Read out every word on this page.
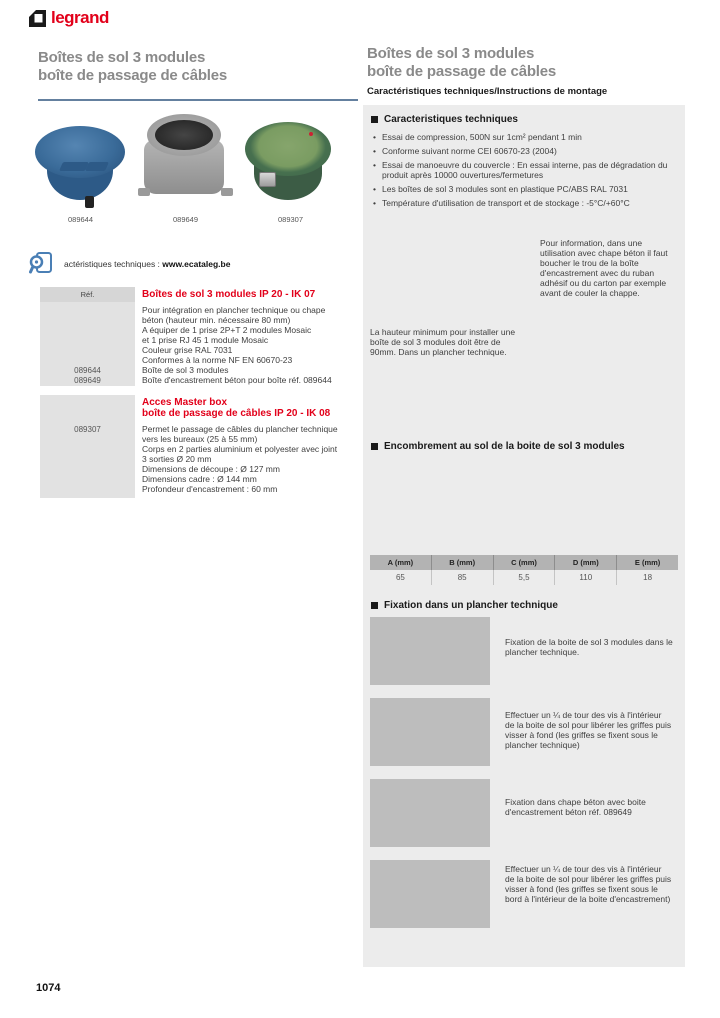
legrand
Boîtes de sol 3 modules
boîte de passage de câbles
Boîtes de sol 3 modules
boîte de passage de câbles
Caractéristiques techniques/Instructions de montage
089644	089649	089307
actéristiques techniques : www.ecataleg.be
Réf.	Boîtes de sol 3 modules IP 20 - IK 07
Pour intégration en plancher technique ou chape
béton (hauteur min. nécessaire 80 mm)
A équiper de 1 prise 2P+T 2 modules Mosaic
et 1 prise RJ 45 1 module Mosaic
Couleur grise RAL 7031
Conformes à la norme NF EN 60670-23
089644	Boîte de sol 3 modules
089649	Boîte d'encastrement béton pour boîte réf. 089644
Acces Master box
boîte de passage de câbles IP 20 - IK 08
089307	Permet le passage de câbles du plancher technique
vers les bureaux (25 à 55 mm)
Corps en 2 parties aluminium et polyester avec joint
3 sorties Ø 20 mm
Dimensions de découpe : Ø 127 mm
Dimensions cadre : Ø 144 mm
Profondeur d'encastrement : 60 mm
Caracteristiques techniques
• Essai de compression, 500N sur 1cm² pendant 1 min
• Conforme suivant norme CEI 60670-23 (2004)
• Essai de manoeuvre du couvercle : En essai interne, pas de dégradation du produit après 10000 ouvertures/fermetures
• Les boîtes de sol 3 modules sont en plastique PC/ABS RAL 7031
• Température d'utilisation de transport et de stockage : -5°C/+60°C
Pour information, dans une utilisation avec chape béton il faut boucher le trou de la boîte d'encastrement avec du ruban adhésif ou du carton par exemple avant de couler la chappe.
La hauteur minimum pour installer une boîte de sol 3 modules doit être de 90mm. Dans un plancher technique.
Encombrement au sol de la boite de sol 3 modules
A (mm)	B (mm)	C (mm)	D (mm)	E (mm)
65	85	5,5	110	18
Fixation dans un plancher technique
Fixation de la boite de sol 3 modules dans le plancher technique.
Effectuer un ¼ de tour des vis à l'intérieur de la boite de sol pour libérer les griffes puis visser à fond (les griffes se fixent sous le plancher technique)
Fixation dans chape béton avec boite d'encastrement béton réf. 089649
Effectuer un ¼ de tour des vis à l'intérieur de la boite de sol pour libérer les griffes puis visser à fond (les griffes se fixent sous le bord à l'intérieur de la boite d'encastrement)
1074
